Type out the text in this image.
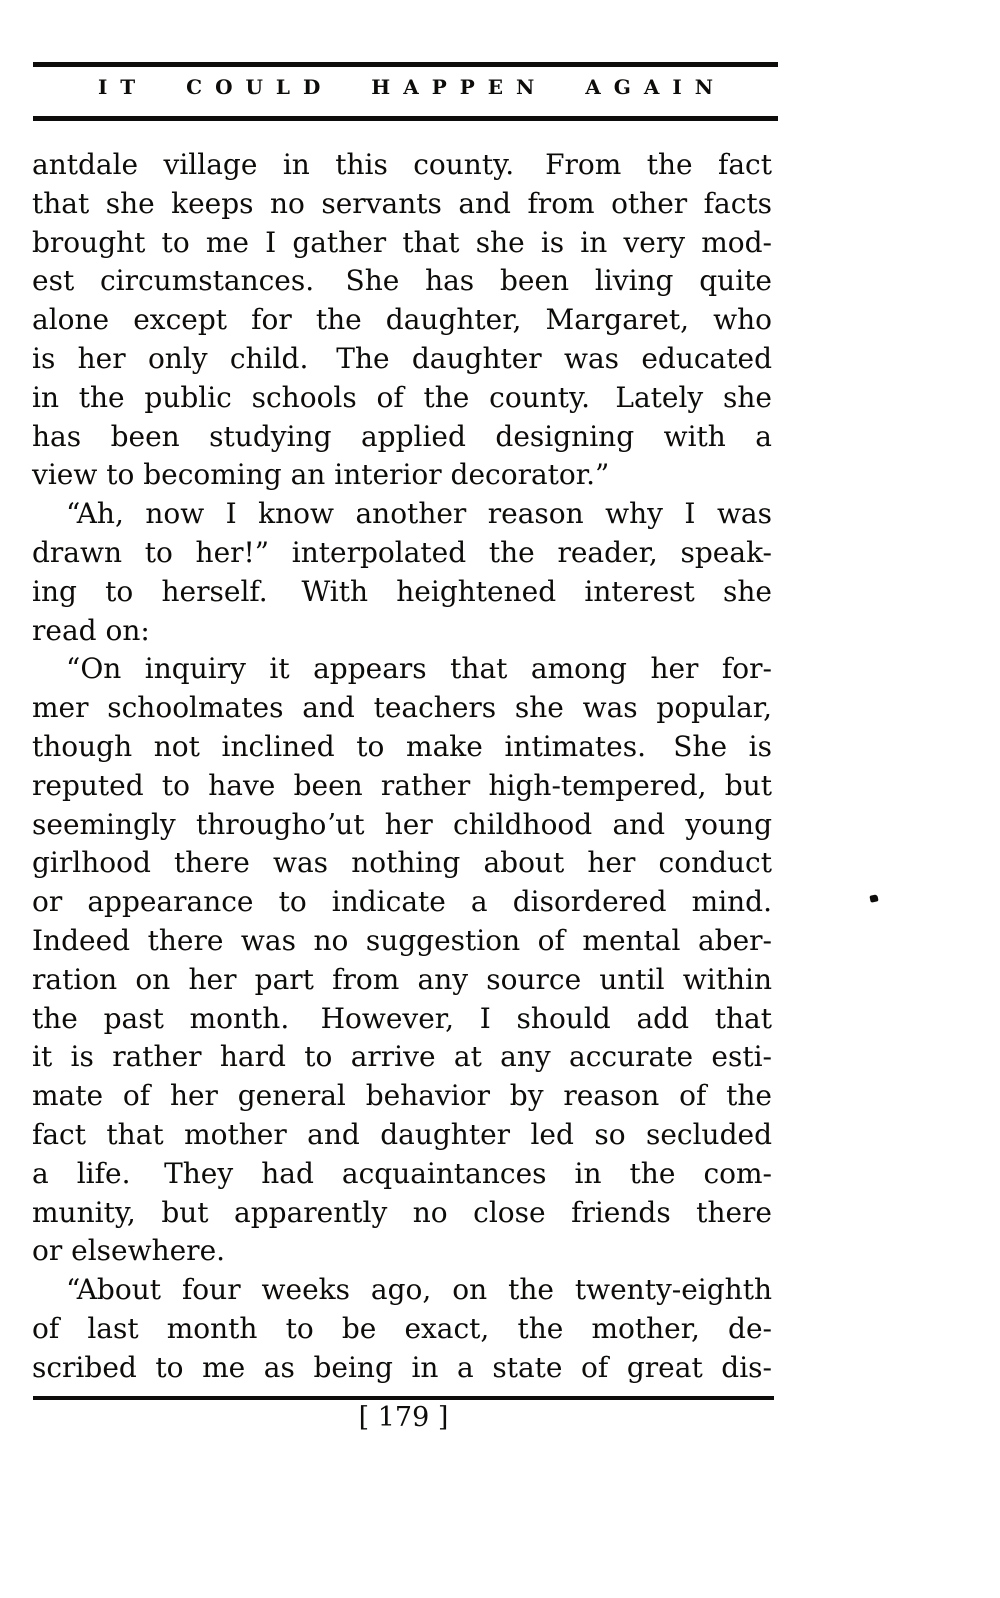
IT COULD HAPPEN AGAIN
antdale village in this county.  From the fact
that she keeps no servants and from other facts
brought to me I gather that she is in very mod-
est circumstances.  She has been living quite
alone except for the daughter, Margaret, who
is her only child.  The daughter was educated
in the public schools of the county.  Lately she
has been studying applied designing with a
view to becoming an interior decorator.”
“Ah, now I know another reason why I was
drawn to her!” interpolated the reader, speak-
ing to herself.  With heightened interest she
read on:
“On inquiry it appears that among her for-
mer schoolmates and teachers she was popular,
though not inclined to make intimates.  She is
reputed to have been rather high-tempered, but
seemingly throughoʼut her childhood and young
girlhood there was nothing about her conduct
or appearance to indicate a disordered mind.
Indeed there was no suggestion of mental aber-
ration on her part from any source until within
the past month.  However, I should add that
it is rather hard to arrive at any accurate esti-
mate of her general behavior by reason of the
fact that mother and daughter led so secluded
a life.  They had acquaintances in the com-
munity, but apparently no close friends there
or elsewhere.
“About four weeks ago, on the twenty-eighth
of last month to be exact, the mother, de-
scribed to me as being in a state of great dis-
[ 179 ]
